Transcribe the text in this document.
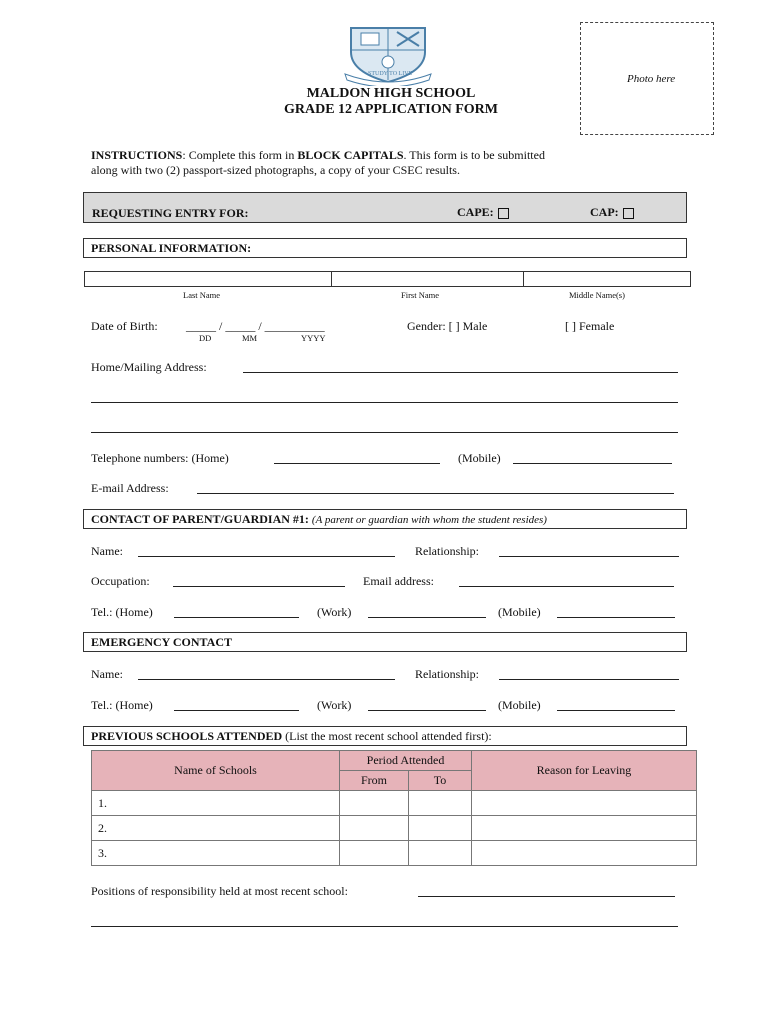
STUDY TO LIVE	Photo here
MALDON HIGH SCHOOL
GRADE 12 APPLICATION FORM
INSTRUCTIONS: Complete this form in BLOCK CAPITALS. This form is to be submitted
along with two (2) passport-sized photographs, a copy of your CSEC results.
REQUESTING ENTRY FOR:	CAPE:	CAP:
PERSONAL INFORMATION:
Last Name	First Name	Middle Name(s)
Date of Birth: _____ / _____ / __________
DD	MM	YYYY
Gender: [ ] Male	[ ] Female
Home/Mailing Address:
Telephone numbers: (Home)	(Mobile)
E-mail Address:
CONTACT OF PARENT/GUARDIAN #1: (A parent or guardian with whom the student resides)
Name:	Relationship:
Occupation:	Email address:
Tel.: (Home)	(Work)	(Mobile)
EMERGENCY CONTACT
Name:	Relationship:
Tel.: (Home)	(Work)	(Mobile)
PREVIOUS SCHOOLS ATTENDED (List the most recent school attended first):
Name of Schools	Period Attended		Reason for Leaving
	From	To	
1.			
2.			
3.			
Positions of responsibility held at most recent school:
